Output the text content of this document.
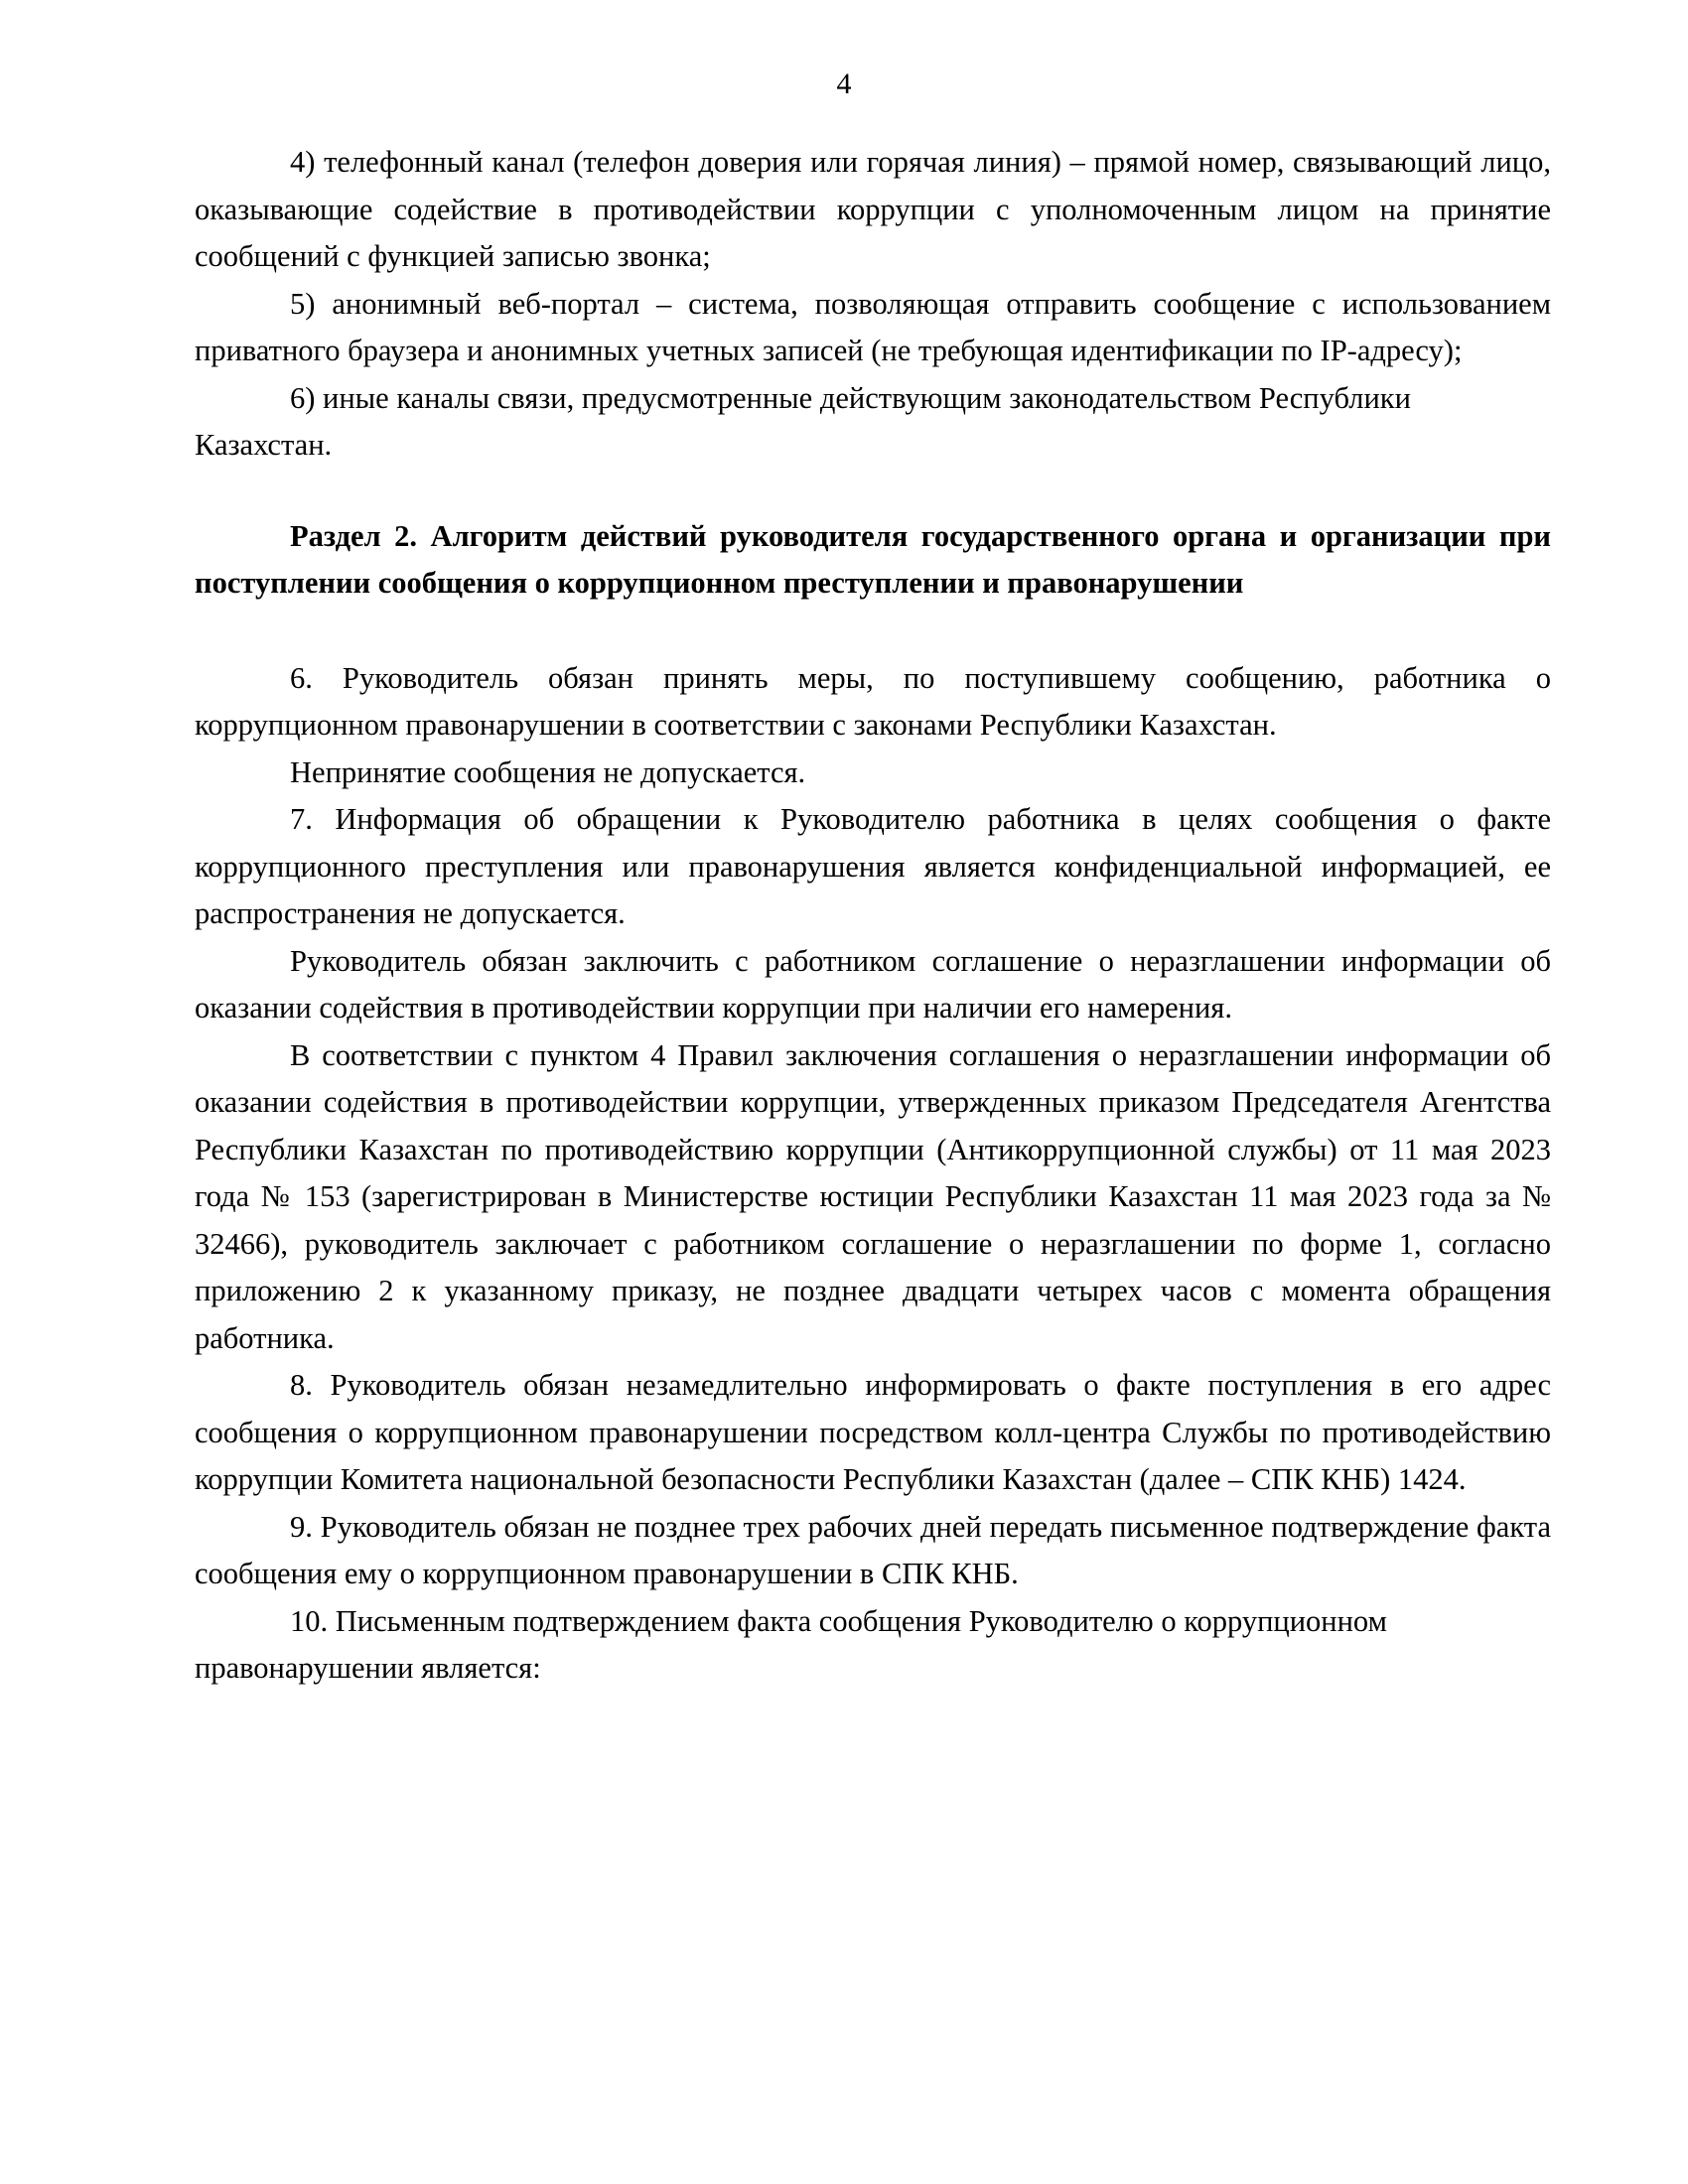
4

4) телефонный канал (телефон доверия или горячая линия) – прямой номер, связывающий лицо, оказывающие содействие в противодействии коррупции с уполномоченным лицом на принятие сообщений с функцией записью звонка;

5) анонимный веб-портал – система, позволяющая отправить сообщение с использованием приватного браузера и анонимных учетных записей (не требующая идентификации по IP-адресу);

6) иные каналы связи, предусмотренные действующим законодательством Республики Казахстан.

Раздел 2. Алгоритм действий руководителя государственного органа и организации при поступлении сообщения о коррупционном преступлении и правонарушении

6. Руководитель обязан принять меры, по поступившему сообщению, работника о коррупционном правонарушении в соответствии с законами Республики Казахстан.

Непринятие сообщения не допускается.

7. Информация об обращении к Руководителю работника в целях сообщения о факте коррупционного преступления или правонарушения является конфиденциальной информацией, ее распространения не допускается.

Руководитель обязан заключить с работником соглашение о неразглашении информации об оказании содействия в противодействии коррупции при наличии его намерения.

В соответствии с пунктом 4 Правил заключения соглашения о неразглашении информации об оказании содействия в противодействии коррупции, утвержденных приказом Председателя Агентства Республики Казахстан по противодействию коррупции (Антикоррупционной службы) от 11 мая 2023 года № 153 (зарегистрирован в Министерстве юстиции Республики Казахстан 11 мая 2023 года за № 32466), руководитель заключает с работником соглашение о неразглашении по форме 1, согласно приложению 2 к указанному приказу, не позднее двадцати четырех часов с момента обращения работника.

8. Руководитель обязан незамедлительно информировать о факте поступления в его адрес сообщения о коррупционном правонарушении посредством колл-центра Службы по противодействию коррупции Комитета национальной безопасности Республики Казахстан (далее – СПК КНБ) 1424.

9. Руководитель обязан не позднее трех рабочих дней передать письменное подтверждение факта сообщения ему о коррупционном правонарушении в СПК КНБ.

10. Письменным подтверждением факта сообщения Руководителю о коррупционном правонарушении является:
